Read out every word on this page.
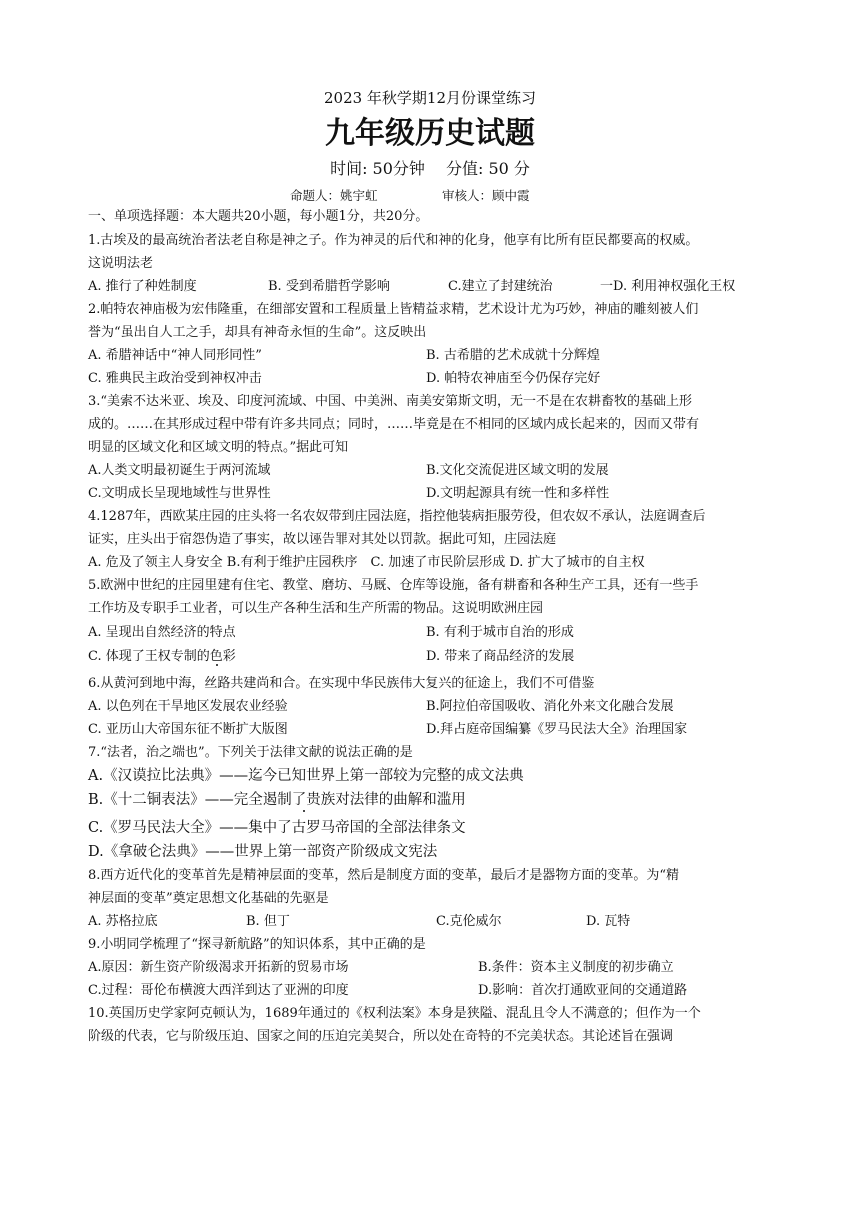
2023 年秋学期12月份课堂练习
九年级历史试题
时间: 50分钟　 分值: 50 分
命题人：姚宇虹	审核人：顾中霞
一、单项选择题：本大题共20小题，每小题1分，共20分。
1.古埃及的最高统治者法老自称是神之子。作为神灵的后代和神的化身，他享有比所有臣民都要高的权威。
这说明法老
A. 推行了种姓制度	B. 受到希腊哲学影响	C.建立了封建统治	一D. 利用神权强化王权
2.帕特农神庙极为宏伟隆重，在细部安置和工程质量上皆精益求精，艺术设计尤为巧妙，神庙的雕刻被人们
誉为“虽出自人工之手，却具有神奇永恒的生命”。这反映出
A. 希腊神话中“神人同形同性”	B. 古希腊的艺术成就十分辉煌
C. 雅典民主政治受到神权冲击	D. 帕特农神庙至今仍保存完好
3.“美索不达米亚、埃及、印度河流域、中国、中美洲、南美安第斯文明，无一不是在农耕畜牧的基础上形
成的。……在其形成过程中带有许多共同点；同时，……毕竟是在不相同的区域内成长起来的，因而又带有
明显的区域文化和区域文明的特点。”据此可知
A.人类文明最初诞生于两河流域	B.文化交流促进区域文明的发展
C.文明成长呈现地域性与世界性	D.文明起源具有统一性和多样性
4.1287年，西欧某庄园的庄头将一名农奴带到庄园法庭，指控他装病拒服劳役，但农奴不承认，法庭调查后
证实，庄头出于宿怨伪造了事实，故以诬告罪对其处以罚款。据此可知，庄园法庭
A. 危及了领主人身安全 B.有利于维护庄园秩序　C. 加速了市民阶层形成 D. 扩大了城市的自主权
5.欧洲中世纪的庄园里建有住宅、教堂、磨坊、马厩、仓库等设施，备有耕畜和各种生产工具，还有一些手
工作坊及专职手工业者，可以生产各种生活和生产所需的物品。这说明欧洲庄园
A. 呈现出自然经济的特点	B. 有利于城市自治的形成
C. 体现了王权专制的色彩	D. 带来了商品经济的发展
6.从黄河到地中海，丝路共建尚和合。在实现中华民族伟大复兴的征途上，我们不可借鉴
A. 以色列在干旱地区发展农业经验	B.阿拉伯帝国吸收、消化外来文化融合发展
C. 亚历山大帝国东征不断扩大版图	D.拜占庭帝国编纂《罗马民法大全》治理国家
7.“法者，治之端也”。下列关于法律文献的说法正确的是
A.《汉谟拉比法典》——迄今已知世界上第一部较为完整的成文法典
B.《十二铜表法》——完全遏制了贵族对法律的曲解和滥用
C.《罗马民法大全》——集中了古罗马帝国的全部法律条文
D.《拿破仑法典》——世界上第一部资产阶级成文宪法
8.西方近代化的变革首先是精神层面的变革，然后是制度方面的变革，最后才是器物方面的变革。为“精
神层面的变革”奠定思想文化基础的先驱是
A. 苏格拉底	B. 但丁	C.克伦威尔	D. 瓦特
9.小明同学梳理了“探寻新航路”的知识体系，其中正确的是
A.原因：新生资产阶级渴求开拓新的贸易市场	B.条件：资本主义制度的初步确立
C.过程：哥伦布横渡大西洋到达了亚洲的印度	D.影响：首次打通欧亚间的交通道路
10.英国历史学家阿克顿认为，1689年通过的《权利法案》本身是狭隘、混乱且令人不满意的；但作为一个
阶级的代表，它与阶级压迫、国家之间的压迫完美契合，所以处在奇特的不完美状态。其论述旨在强调
